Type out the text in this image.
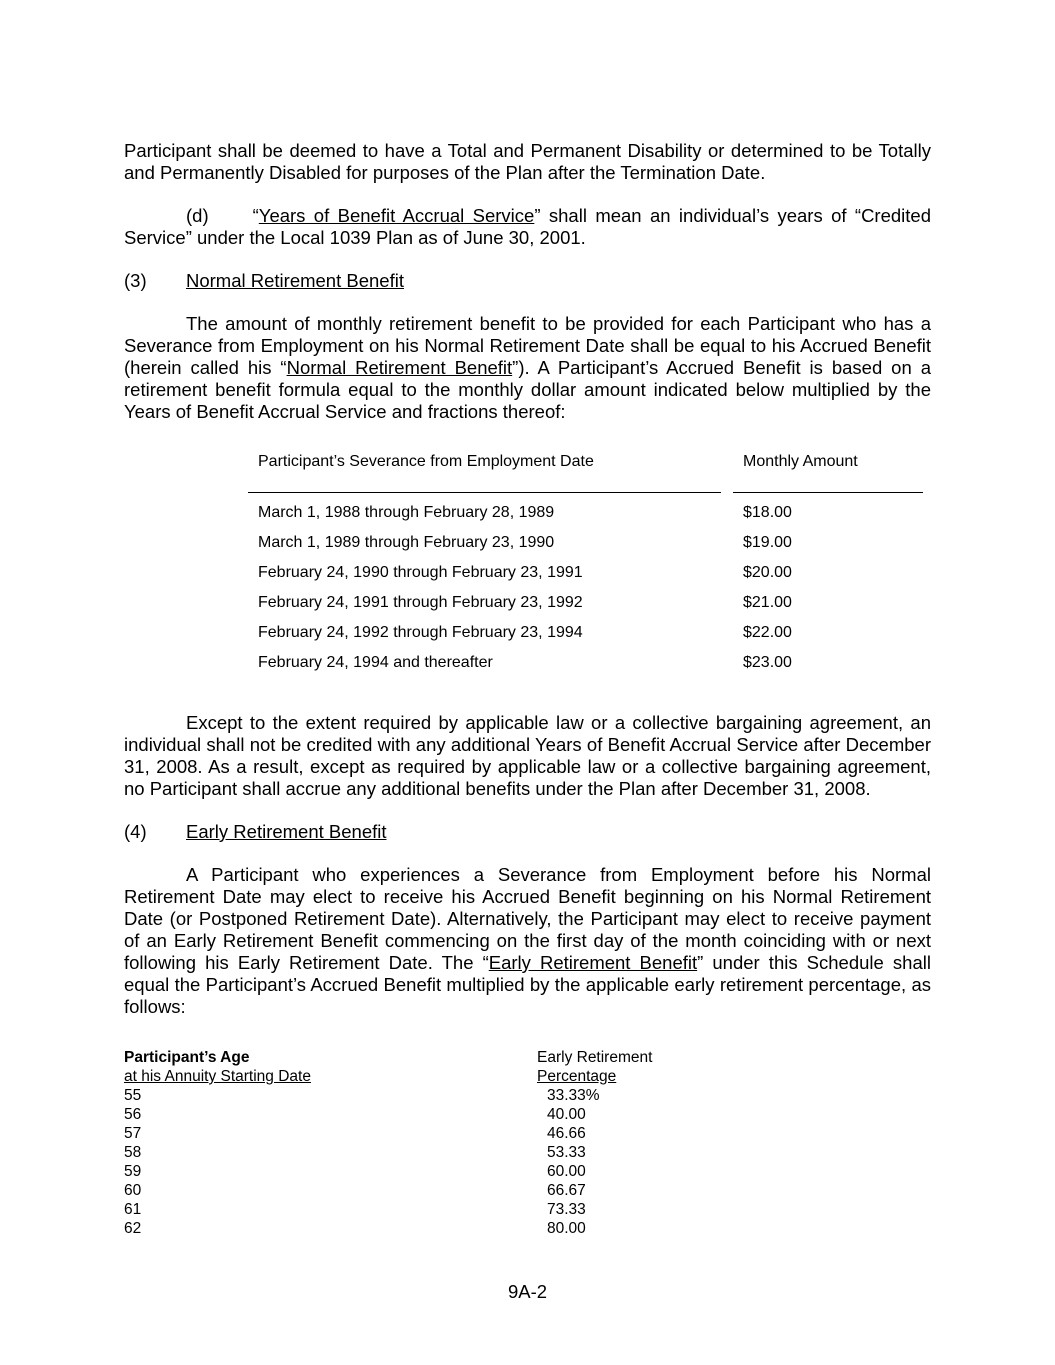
Participant shall be deemed to have a Total and Permanent Disability or determined to be Totally and Permanently Disabled for purposes of the Plan after the Termination Date.

(d) “Years of Benefit Accrual Service” shall mean an individual’s years of “Credited Service” under the Local 1039 Plan as of June 30, 2001.

(3)	Normal Retirement Benefit

The amount of monthly retirement benefit to be provided for each Participant who has a Severance from Employment on his Normal Retirement Date shall be equal to his Accrued Benefit (herein called his “Normal Retirement Benefit”). A Participant’s Accrued Benefit is based on a retirement benefit formula equal to the monthly dollar amount indicated below multiplied by the Years of Benefit Accrual Service and fractions thereof:

Participant’s Severance from Employment Date	Monthly Amount
March 1, 1988 through February 28, 1989	$18.00
March 1, 1989 through February 23, 1990	$19.00
February 24, 1990 through February 23, 1991	$20.00
February 24, 1991 through February 23, 1992	$21.00
February 24, 1992 through February 23, 1994	$22.00
February 24, 1994 and thereafter	$23.00

Except to the extent required by applicable law or a collective bargaining agreement, an individual shall not be credited with any additional Years of Benefit Accrual Service after December 31, 2008. As a result, except as required by applicable law or a collective bargaining agreement, no Participant shall accrue any additional benefits under the Plan after December 31, 2008.

(4)	Early Retirement Benefit

A Participant who experiences a Severance from Employment before his Normal Retirement Date may elect to receive his Accrued Benefit beginning on his Normal Retirement Date (or Postponed Retirement Date). Alternatively, the Participant may elect to receive payment of an Early Retirement Benefit commencing on the first day of the month coinciding with or next following his Early Retirement Date. The “Early Retirement Benefit” under this Schedule shall equal the Participant’s Accrued Benefit multiplied by the applicable early retirement percentage, as follows:

Participant’s Age	Early Retirement
at his Annuity Starting Date	Percentage
55	33.33%
56	40.00
57	46.66
58	53.33
59	60.00
60	66.67
61	73.33
62	80.00
9A-2
